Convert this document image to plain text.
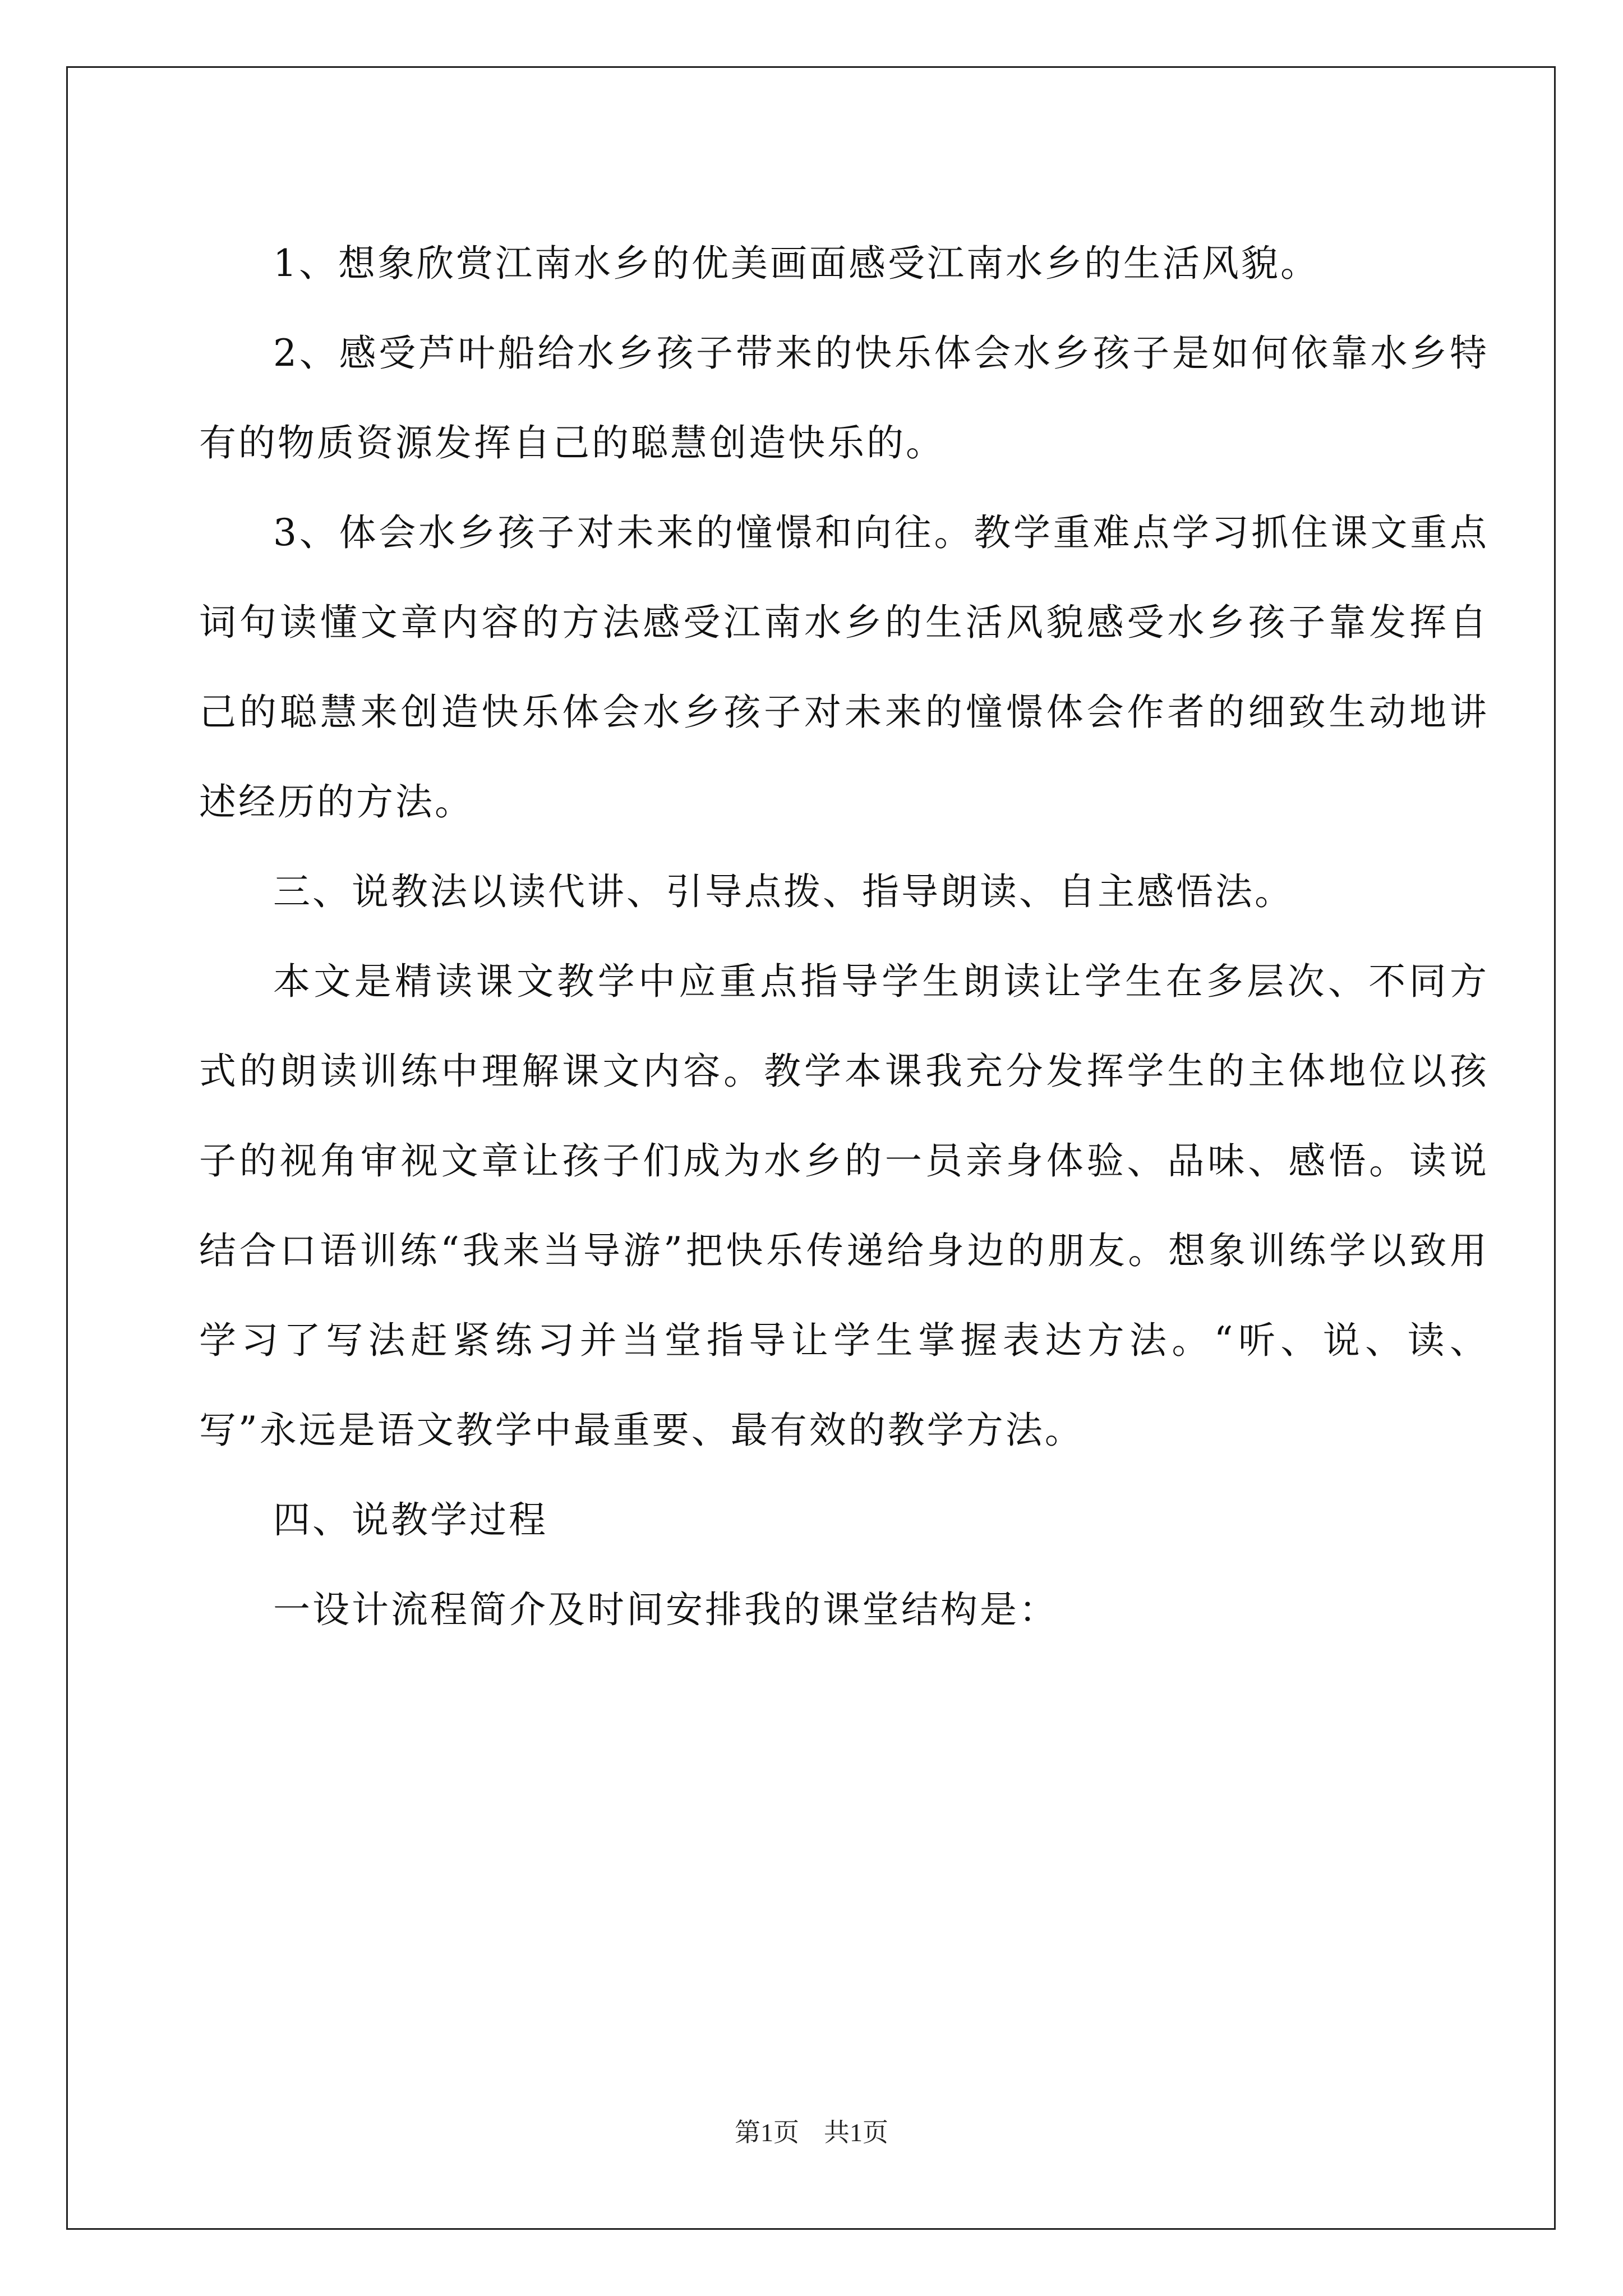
1、想象欣赏江南水乡的优美画面感受江南水乡的生活风貌。

2、感受芦叶船给水乡孩子带来的快乐体会水乡孩子是如何依靠水乡特有的物质资源发挥自己的聪慧创造快乐的。

3、体会水乡孩子对未来的憧憬和向往。教学重难点学习抓住课文重点词句读懂文章内容的方法感受江南水乡的生活风貌感受水乡孩子靠发挥自己的聪慧来创造快乐体会水乡孩子对未来的憧憬体会作者的细致生动地讲述经历的方法。

三、说教法以读代讲、引导点拨、指导朗读、自主感悟法。

本文是精读课文教学中应重点指导学生朗读让学生在多层次、不同方式的朗读训练中理解课文内容。教学本课我充分发挥学生的主体地位以孩子的视角审视文章让孩子们成为水乡的一员亲身体验、品味、感悟。读说结合口语训练“我来当导游”把快乐传递给身边的朋友。想象训练学以致用学习了写法赶紧练习并当堂指导让学生掌握表达方法。“听、说、读、写”永远是语文教学中最重要、最有效的教学方法。

四、说教学过程

一设计流程简介及时间安排我的课堂结构是：

第1页 共1页
